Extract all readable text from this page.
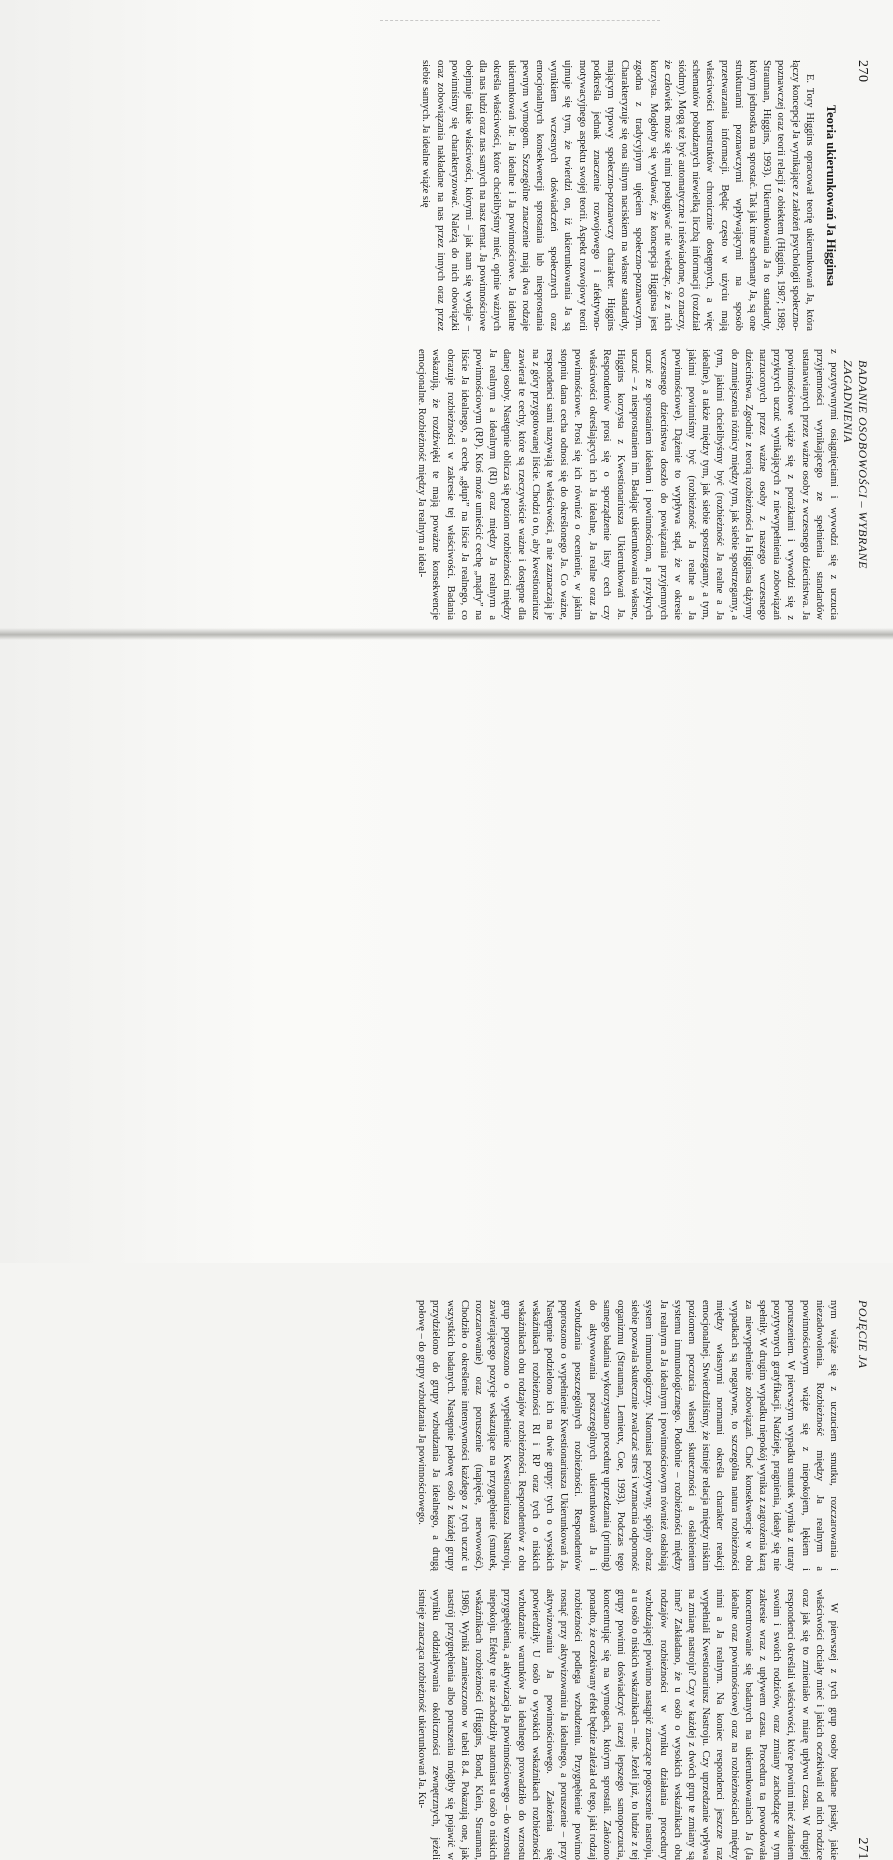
270
BADANIE OSOBOWOŚCI – WYBRANE ZAGADNIENIA
Teoria ukierunkowań Ja Higginsa

E. Tory Higgins opracował teorię ukierunkowań Ja, która łączy koncepcje Ja wynikające z założeń psychologii społeczno-poznawczej oraz teorii relacji z obiektem (Higgins, 1987; 1989; Strauman, Higgins, 1993). Ukierunkowania Ja to standardy, którym jednostka ma sprostać. Tak jak inne schematy Ja, są one strukturami poznawczymi wpływającymi na sposób przetwarzania informacji. Będąc często w użyciu mają właściwości konstruktów chronicznie dostępnych, a więc schematów pobudzanych niewielką liczbą informacji (rozdział siódmy). Mogą też być automatyczne i nieświadome, co znaczy, że człowiek może się nimi posługiwać nie wiedząc, że z nich korzysta. Mogłoby się wydawać, że koncepcja Higginsa jest zgodna z tradycyjnym ujęciem społeczno-poznawczym. Charakteryzuje się ona silnym naciskiem na własne standardy, mającym typowy społeczno-poznawczy charakter. Higgins podkreśla jednak znaczenie rozwojowego i afektywno-motywacyjnego aspektu swojej teorii. Aspekt rozwojowy teorii ujmuje się tym, że twierdzi on, iż ukierunkowania Ja są wynikiem wczesnych doświadczeń społecznych oraz emocjonalnych konsekwencji sprostania lub niesprostania pewnym wymogom. Szczególne znaczenie mają dwa rodzaje ukierunkowań Ja: Ja idealne i Ja powinnościowe. Ja idealne określa właściwości, które chcielibyśmy mieć, opinie ważnych dla nas ludzi oraz nas samych na nasz temat. Ja powinnościowe obejmuje takie właściwości, którymi – jak nam się wydaje – powinniśmy się charakteryzować. Należą do nich obowiązki oraz zobowiązania nakładane na nas przez innych oraz przez siebie samych. Ja idealne wiąże się

z pozytywnymi osiągnięciami i wywodzi się z uczucia przyjemności wynikającego ze spełnienia standardów ustanawianych przez ważne osoby z wczesnego dzieciństwa. Ja powinnościowe wiąże się z porażkami i wywodzi się z przykrych uczuć wynikających z niewypełnienia zobowiązań narzuconych przez ważne osoby z naszego wczesnego dzieciństwa. Zgodnie z teorią rozbieżności Ja Higginsa dążymy do zmniejszenia różnicy między tym, jak siebie spostrzegamy, a tym, jakimi chcielibyśmy być (rozbieżność Ja realne a Ja idealne), a także między tym, jak siebie spostrzegamy, a tym, jakimi powinniśmy być (rozbieżność Ja realne a Ja powinnościowe). Dążenie to wypływa stąd, że w okresie wczesnego dzieciństwa doszło do powiązania przyjemnych uczuć ze sprostaniem ideałom i powinnościom, a przykrych uczuć – z niesprostaniem im. Badając ukierunkowania własne, Higgins korzysta z Kwestionariusza Ukierunkowań Ja. Respondentów prosi się o sporządzenie listy cech czy właściwości określających ich Ja idealne, Ja realne oraz Ja powinnościowe. Prosi się ich również o ocenienie, w jakim stopniu dana cecha odnosi się do określonego Ja. Co ważne, respondenci sami nazywają te właściwości, a nie zaznaczają je na z góry przygotowanej liście. Chodzi o to, aby kwestionariusz zawierał te cechy, które są rzeczywiście ważne i dostępne dla danej osoby. Następnie oblicza się poziom rozbieżności między Ja realnym a idealnym (RI) oraz między Ja realnym a powinnościowym (RP). Ktoś może umieścić cechę „mądry” na liście Ja idealnego, a cechę „głupi” na liście Ja realnego, co obrazuje rozbieżności w zakresie tej właściwości. Badania wskazują, że rozdźwięki te mają poważne konsekwencje emocjonalne. Rozbieżność między Ja realnym a ideal-

POJĘCIE JA
271

nym wiąże się z uczuciem smutku, rozczarowania i niezadowolenia. Rozbieżność między Ja realnym a powinnościowym wiąże się z niepokojem, lękiem i poruszeniem. W pierwszym wypadku smutek wynika z utraty pozytywnych gratyfikacji. Nadzieje, pragnienia, ideały się nie spełniły. W drugim wypadku niepokój wynika z zagrożenia karą za niewypełnienie zobowiązań. Choć konsekwencje w obu wypadkach są negatywne, to szczególna natura rozbieżności między własnymi normami określa charakter reakcji emocjonalnej. Stwierdziliśmy, że istnieje relacja między niskim poziomem poczucia własnej skuteczności a osłabieniem systemu immunologicznego. Podobnie – rozbieżności między Ja realnym a Ja idealnym i powinnościowym również osłabiają system immunologiczny. Natomiast pozytywny, spójny obraz siebie pozwala skutecznie zwalczać stres i wzmacnia odporność organizmu (Strauman, Lemieux, Coe, 1993). Podczas tego samego badania wykorzystano procedurę uprzedzania (priming) do aktywowania poszczególnych ukierunkowań Ja i wzbudzania poszczególnych rozbieżności. Respondentów poproszono o wypełnienie Kwestionariusza Ukierunkowań Ja. Następnie podzielono ich na dwie grupy: tych o wysokich wskaźnikach rozbieżności RI i RP oraz tych o niskich wskaźnikach obu rodzajów rozbieżności. Respondentów z obu grup poproszono o wypełnienie Kwestionariusza Nastroju, zawierającego pozycje wskazujące na przygnębienie (smutek, rozczarowanie) oraz poruszenie (napięcie, nerwowość). Chodziło o określenie intensywności każdego z tych uczuć u wszystkich badanych. Następnie połowę osób z każdej grupy przydzielono do grupy wzbudzania Ja idealnego, a drugą połowę – do grupy wzbudzania Ja powinnościowego.

W pierwszej z tych grup osoby badane pisały, jakie właściwości chciały mieć i jakich oczekiwali od nich rodzice oraz jak się to zmieniało w miarę upływu czasu. W drugiej respondenci określali właściwości, które powinni mieć zdaniem swoim i swoich rodziców, oraz zmiany zachodzące w tym zakresie wraz z upływem czasu. Procedura ta powodowała koncentrowanie się badanych na ukierunkowaniach Ja (Ja idealne oraz powinnościowe) oraz na rozbieżnościach między nimi a Ja realnym. Na koniec respondenci jeszcze raz wypełniali Kwestionariusz Nastroju. Czy uprzedzanie wpływa na zmianę nastroju? Czy w każdej z dwóch grup te zmiany są inne? Zakładano, że u osób o wysokich wskaźnikach obu rodzajów rozbieżności w wyniku działania procedury wzbudzającej powinno nastąpić znaczące pogorszenie nastroju, a u osób o niskich wskaźnikach – nie. Jeżeli już, to ludzie z tej grupy powinni doświadczyć raczej lepszego samopoczucia, koncentrując się na wymogach, którym sprostali. Założono ponadto, że oczekiwany efekt będzie zależał od tego, jaki rodzaj rozbieżności podlega wzbudzeniu. Przygnębienie powinno rosnąć przy aktywizowaniu Ja idealnego, a poruszenie – przy aktywizowaniu Ja powinnościowego. Założenia się potwierdziły. U osób o wysokich wskaźnikach rozbieżności wzbudzanie warunków Ja idealnego prowadziło do wzrostu przygnębienia, a aktywizacja Ja powinnościowego – do wzrostu niepokoju. Efekty te nie zachodziły natomiast u osób o niskich wskaźnikach rozbieżności (Higgins, Bond, Klein, Strauman, 1986). Wyniki zamieszczono w tabeli 8.4. Pokazują one, jak nastrój przygnębienia albo poruszenia mógłby się pojawić w wyniku oddziaływania okoliczności zewnętrznych, jeżeli istnieje znacząca rozbieżność ukierunkowań Ja. Ku-
